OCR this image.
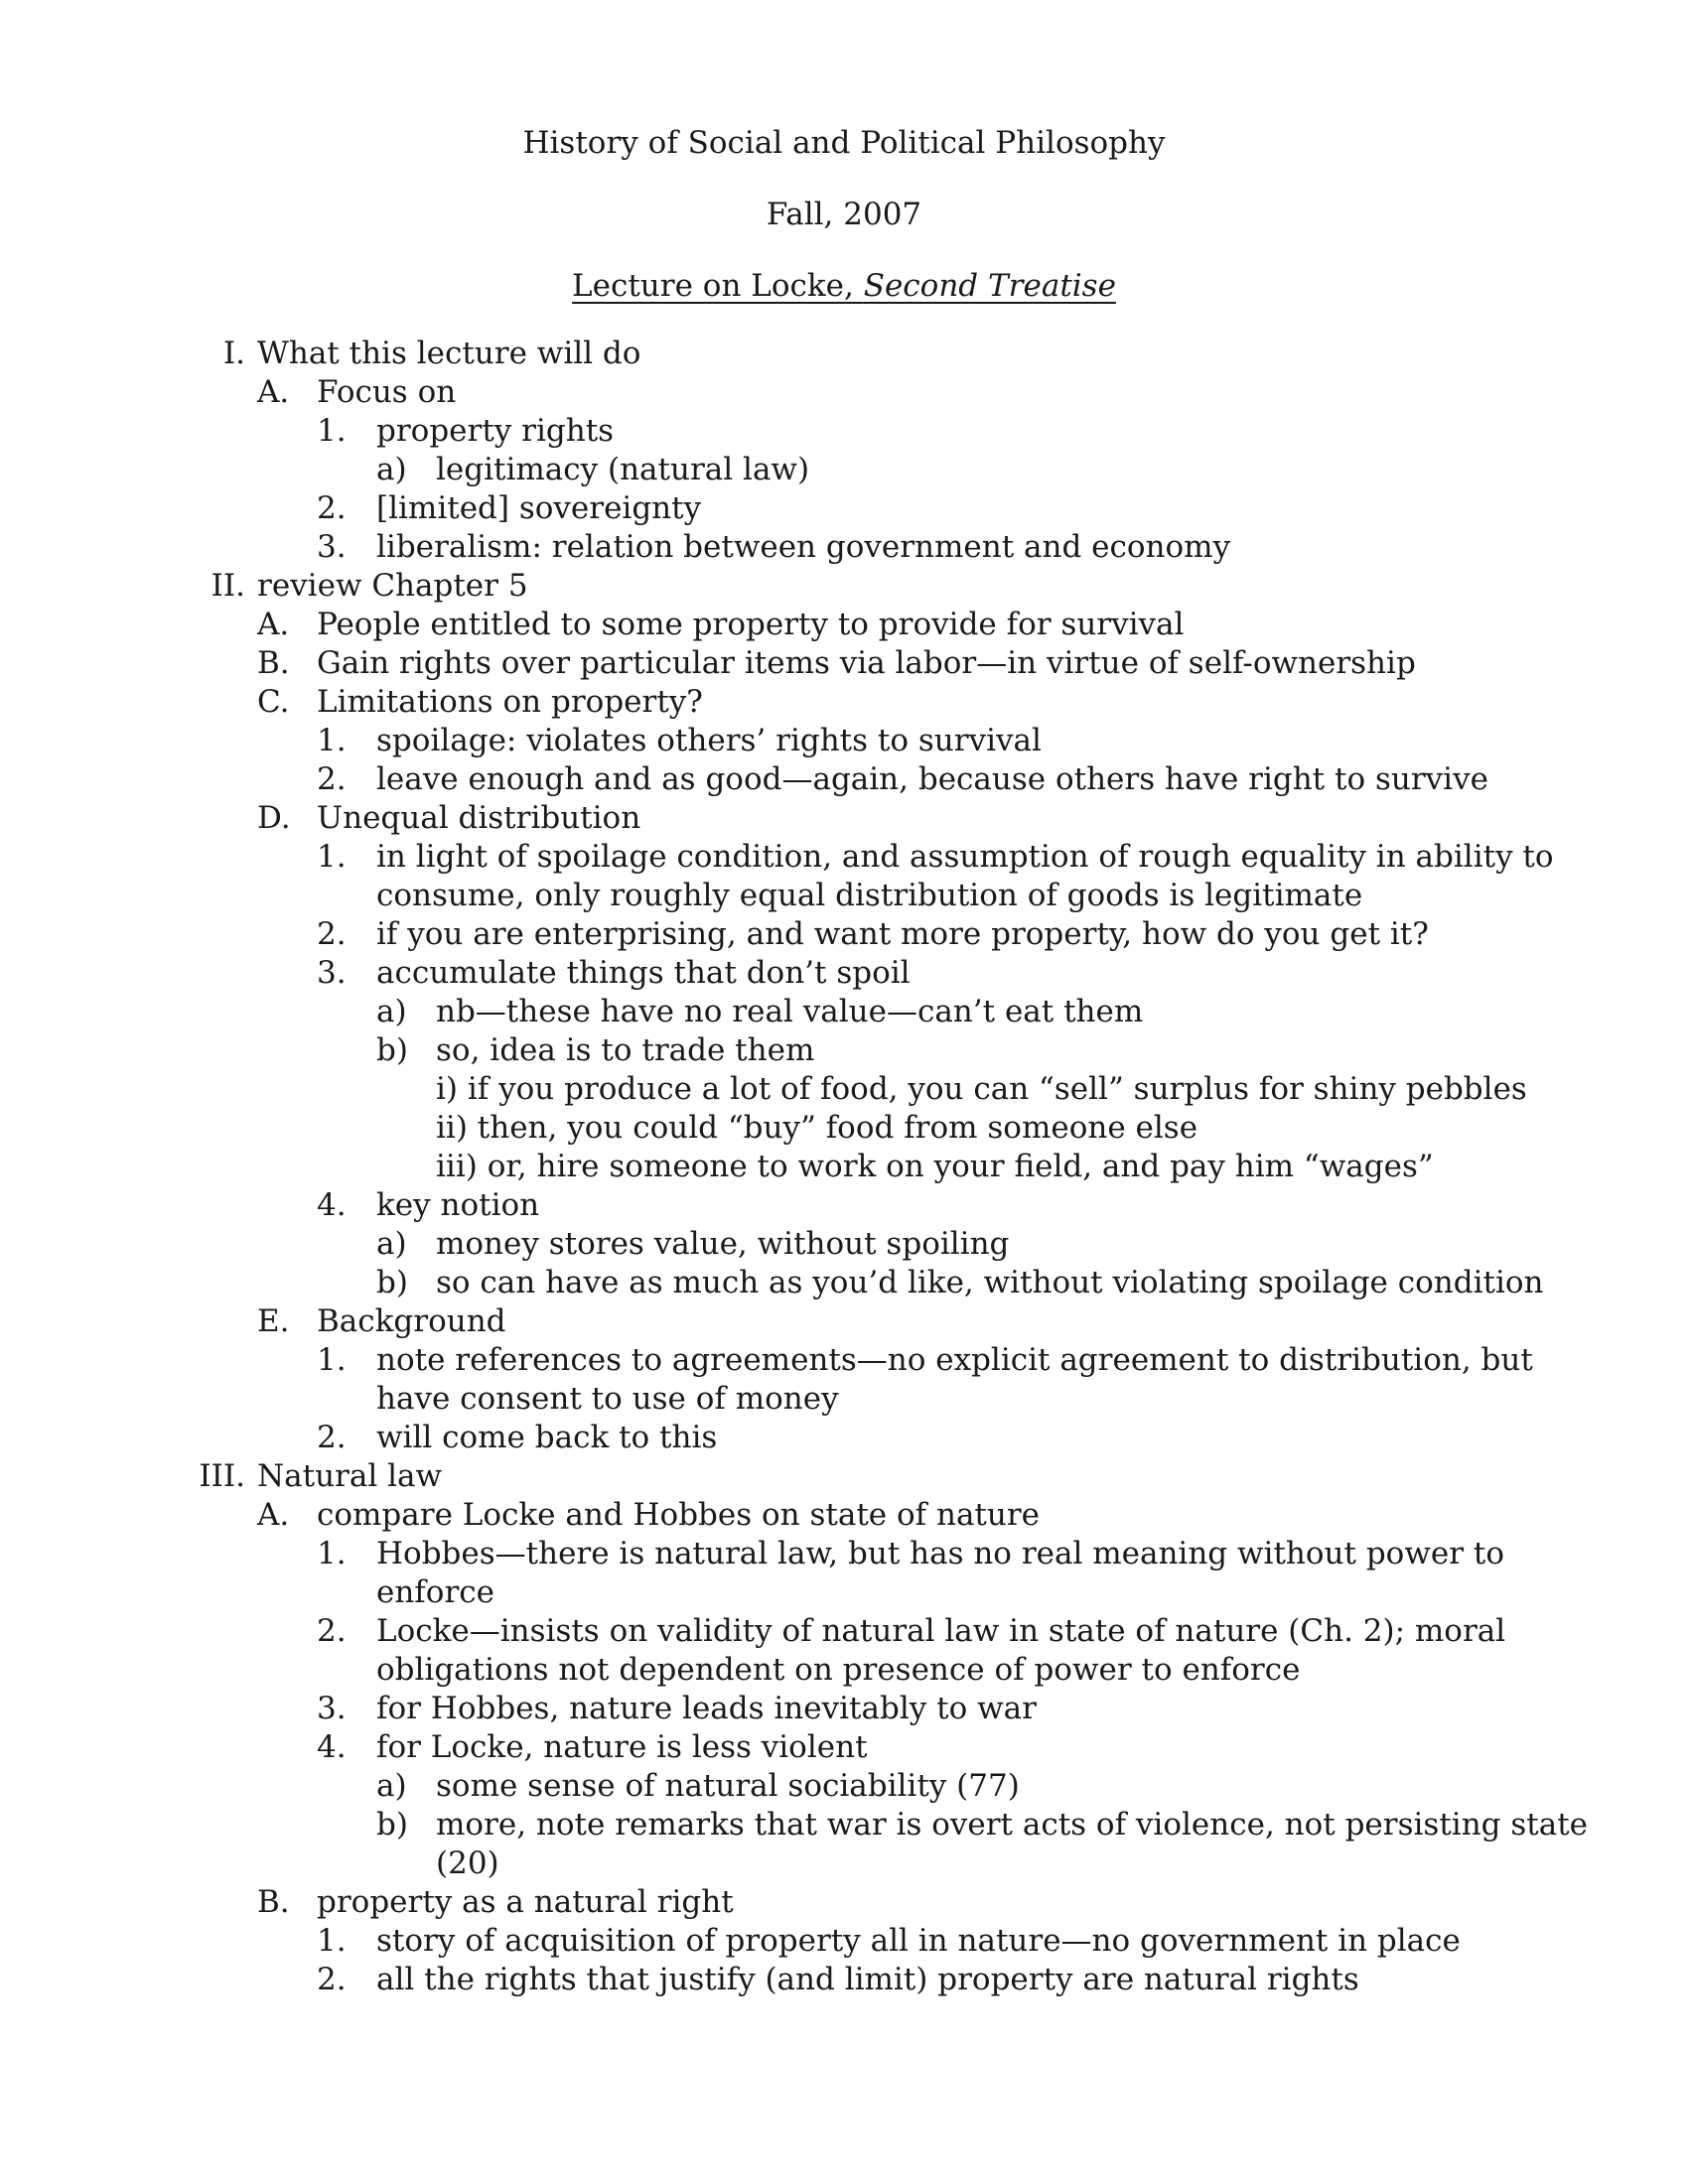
History of Social and Political Philosophy
Fall, 2007
Lecture on Locke, Second Treatise
I. What this lecture will do
A. Focus on
1. property rights
a) legitimacy (natural law)
2. [limited] sovereignty
3. liberalism: relation between government and economy
II. review Chapter 5
A. People entitled to some property to provide for survival
B. Gain rights over particular items via labor—in virtue of self-ownership
C. Limitations on property?
1. spoilage: violates others’ rights to survival
2. leave enough and as good—again, because others have right to survive
D. Unequal distribution
1. in light of spoilage condition, and assumption of rough equality in ability to
consume, only roughly equal distribution of goods is legitimate
2. if you are enterprising, and want more property, how do you get it?
3. accumulate things that don’t spoil
a) nb—these have no real value—can’t eat them
b) so, idea is to trade them
i) if you produce a lot of food, you can “sell” surplus for shiny pebbles
ii) then, you could “buy” food from someone else
iii) or, hire someone to work on your field, and pay him “wages”
4. key notion
a) money stores value, without spoiling
b) so can have as much as you’d like, without violating spoilage condition
E. Background
1. note references to agreements—no explicit agreement to distribution, but
have consent to use of money
2. will come back to this
III. Natural law
A. compare Locke and Hobbes on state of nature
1. Hobbes—there is natural law, but has no real meaning without power to
enforce
2. Locke—insists on validity of natural law in state of nature (Ch. 2); moral
obligations not dependent on presence of power to enforce
3. for Hobbes, nature leads inevitably to war
4. for Locke, nature is less violent
a) some sense of natural sociability (77)
b) more, note remarks that war is overt acts of violence, not persisting state
(20)
B. property as a natural right
1. story of acquisition of property all in nature—no government in place
2. all the rights that justify (and limit) property are natural rights
